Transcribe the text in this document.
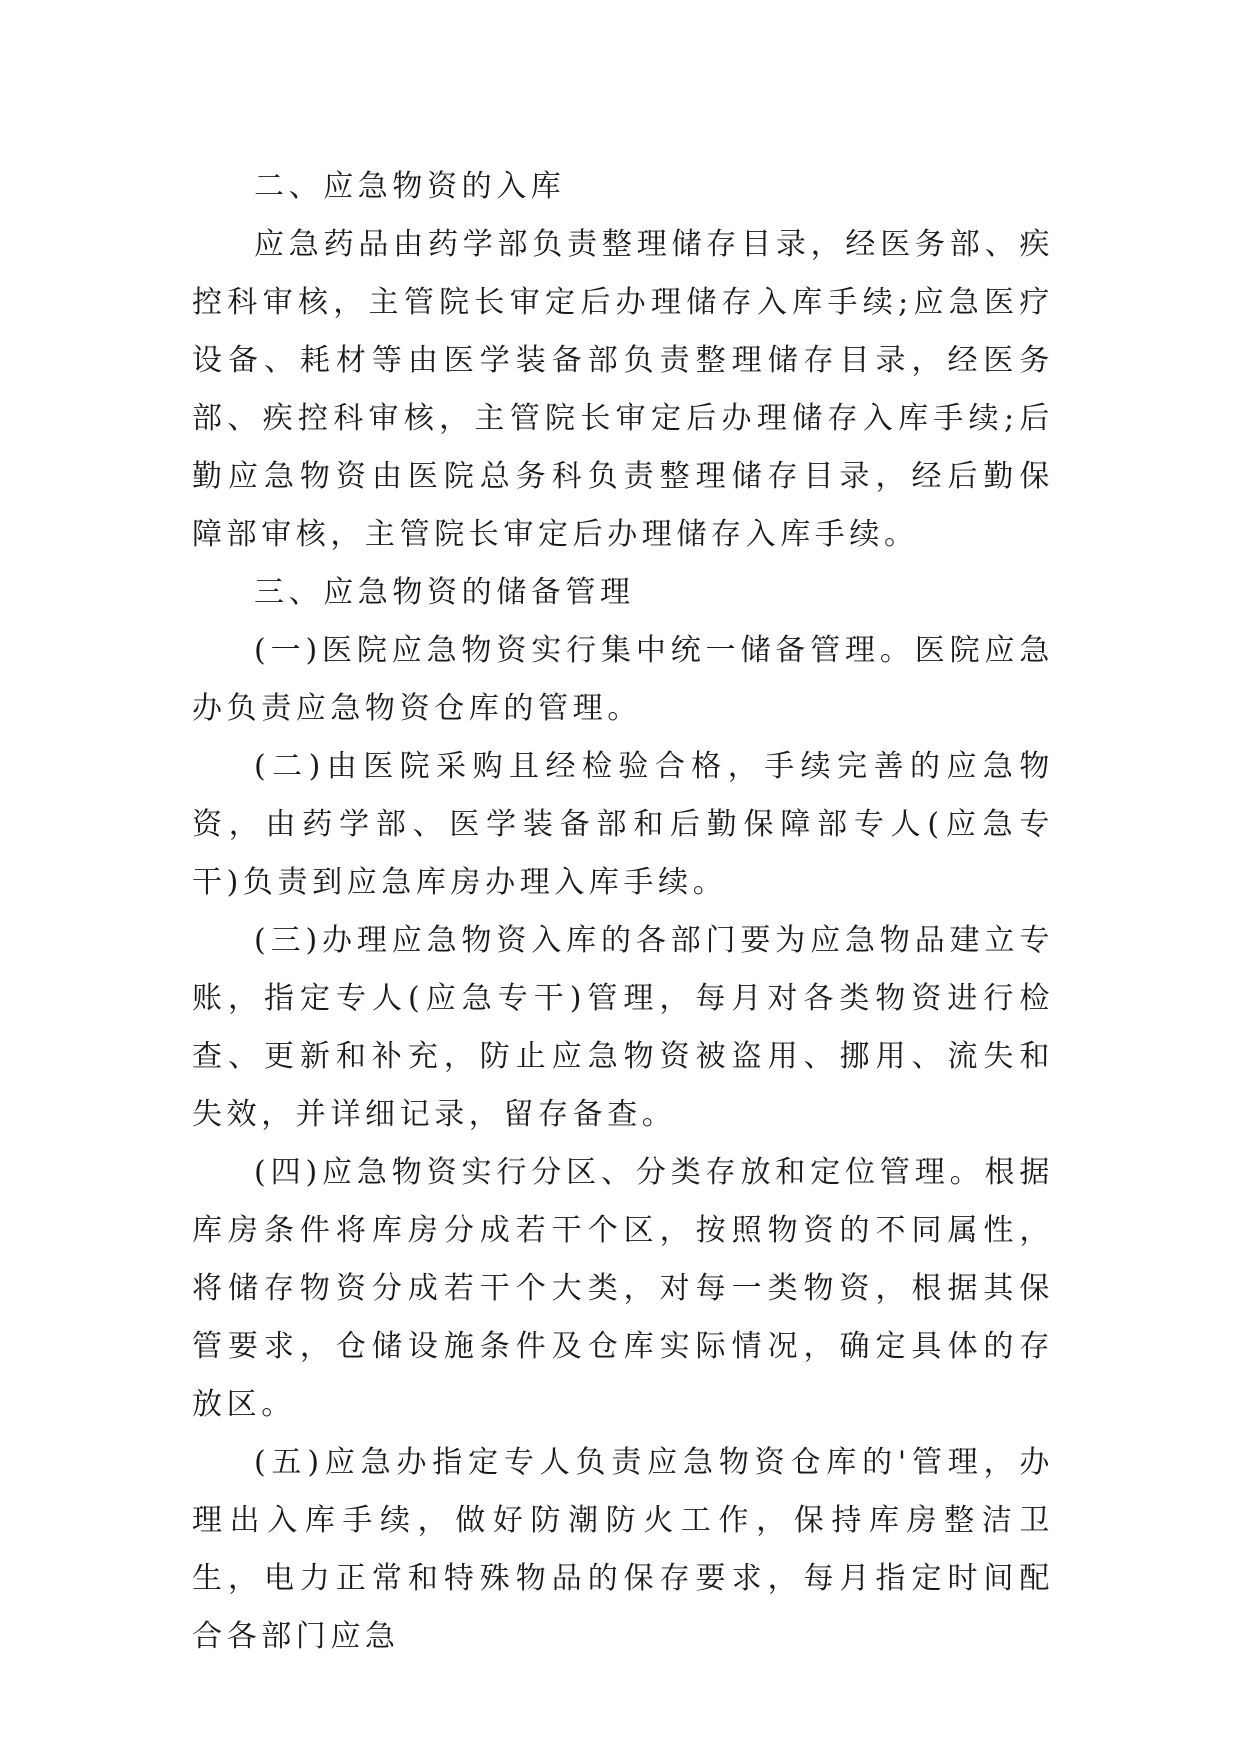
二、应急物资的入库

应急药品由药学部负责整理储存目录，经医务部、疾控科审核，主管院长审定后办理储存入库手续;应急医疗设备、耗材等由医学装备部负责整理储存目录，经医务部、疾控科审核，主管院长审定后办理储存入库手续;后勤应急物资由医院总务科负责整理储存目录，经后勤保障部审核，主管院长审定后办理储存入库手续。

三、应急物资的储备管理

(一)医院应急物资实行集中统一储备管理。医院应急办负责应急物资仓库的管理。

(二)由医院采购且经检验合格，手续完善的应急物资，由药学部、医学装备部和后勤保障部专人(应急专干)负责到应急库房办理入库手续。

(三)办理应急物资入库的各部门要为应急物品建立专账，指定专人(应急专干)管理，每月对各类物资进行检查、更新和补充，防止应急物资被盗用、挪用、流失和失效，并详细记录，留存备查。

(四)应急物资实行分区、分类存放和定位管理。根据库房条件将库房分成若干个区，按照物资的不同属性，将储存物资分成若干个大类，对每一类物资，根据其保管要求，仓储设施条件及仓库实际情况，确定具体的存放区。

(五)应急办指定专人负责应急物资仓库的'管理，办理出入库手续，做好防潮防火工作，保持库房整洁卫生，电力正常和特殊物品的保存要求，每月指定时间配合各部门应急
